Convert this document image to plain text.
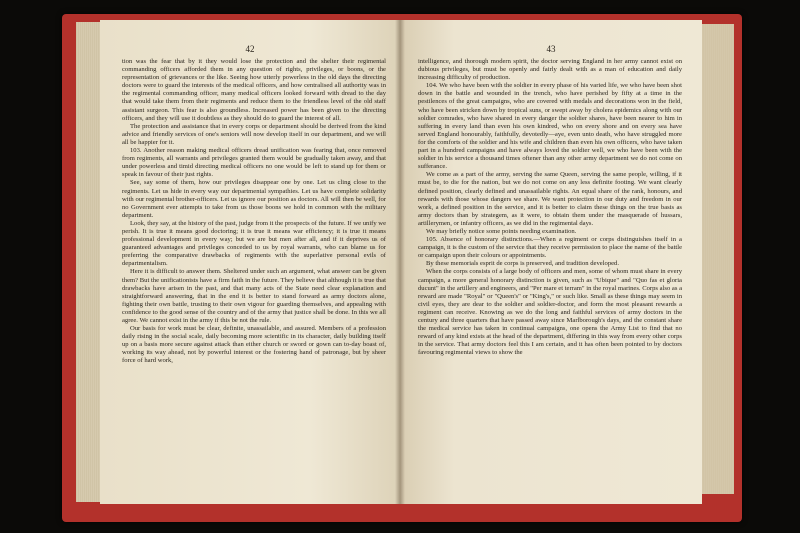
42

tion was the fear that by it they would lose the protection and the shelter their regimental commanding officers afforded them in any question of rights, privileges, or boons, or the representation of grievances or the like. Seeing how utterly powerless in the old days the directing doctors were to guard the interests of the medical officers, and how centralised all authority was in the regimental commanding officer, many medical officers looked forward with dread to the day that would take them from their regiments and reduce them to the friendless level of the old staff assistant surgeon. This fear is also groundless. Increased power has been given to the directing officers, and they will use it doubtless as they should do to guard the interest of all.

The protection and assistance that in every corps or department should be derived from the kind advice and friendly services of one's seniors will now develop itself in our department, and we will all be happier for it.

103. Another reason making medical officers dread unification was fearing that, once removed from regiments, all warrants and privileges granted them would be gradually taken away, and that under powerless and timid directing medical officers no one would be left to stand up for them or speak in favour of their just rights.

See, say some of them, how our privileges disappear one by one. Let us cling close to the regiments. Let us hide in every way our departmental sympathies. Let us have complete solidarity with our regimental brother-officers. Let us ignore our position as doctors. All will then be well, for no Government ever attempts to take from us those boons we hold in common with the military department.

Look, they say, at the history of the past, judge from it the prospects of the future. If we unify we perish. It is true it means good doctoring; it is true it means war efficiency; it is true it means professional development in every way; but we are but men after all, and if it deprives us of guaranteed advantages and privileges conceded to us by royal warrants, who can blame us for preferring the comparative drawbacks of regiments with the superlative personal evils of departmentalism.

Here it is difficult to answer them. Sheltered under such an argument, what answer can be given them? But the unificationists have a firm faith in the future. They believe that although it is true that drawbacks have arisen in the past, and that many acts of the State need clear explanation and straightforward answering, that in the end it is better to stand forward as army doctors alone, fighting their own battle, trusting to their own vigour for guarding themselves, and appealing with confidence to the good sense of the country and of the army that justice shall be done. In this we all agree. We cannot exist in the army if this be not the rule.

Our basis for work must be clear, definite, unassailable, and assured. Members of a profession daily rising in the social scale, daily becoming more scientific in its character, daily building itself up on a basis more secure against attack than either church or sword or gown can to-day boast of, working its way ahead, not by powerful interest or the fostering hand of patronage, but by sheer force of hard work,

43

intelligence, and thorough modern spirit, the doctor serving England in her army cannot exist on dubious privileges, but must be openly and fairly dealt with as a man of education and daily increasing difficulty of production.

104. We who have been with the soldier in every phase of his varied life, we who have been shot down in the battle and wounded in the trench, who have perished by fifty at a time in the pestilences of the great campaigns, who are covered with medals and decorations won in the field, who have been stricken down by tropical suns, or swept away by cholera epidemics along with our soldier comrades, who have shared in every danger the soldier shares, have been nearer to him in suffering in every land than even his own kindred, who on every shore and on every sea have served England honourably, faithfully, devotedly—aye, even unto death, who have struggled more for the comforts of the soldier and his wife and children than even his own officers, who have taken part in a hundred campaigns and have always loved the soldier well, we who have been with the soldier in his service a thousand times oftener than any other army department we do not come on sufferance.

We come as a part of the army, serving the same Queen, serving the same people, willing, if it must be, to die for the nation, but we do not come on any less definite footing. We want clearly defined position, clearly defined and unassailable rights. An equal share of the rank, honours, and rewards with those whose dangers we share. We want protection in our duty and freedom in our work, a defined position in the service, and it is better to claim these things on the true basis as army doctors than by strategem, as it were, to obtain them under the masquerade of hussars, artillerymen, or infantry officers, as we did in the regimental days.

We may briefly notice some points needing examination.

105. Absence of honorary distinctions.—When a regiment or corps distinguishes itself in a campaign, it is the custom of the service that they receive permission to place the name of the battle or campaign upon their colours or appointments.

By these memorials esprit de corps is preserved, and tradition developed.

When the corps consists of a large body of officers and men, some of whom must share in every campaign, a more general honorary distinction is given, such as "Ubique" and "Quo fas et gloria ducunt" in the artillery and engineers, and "Per mare et terram" in the royal marines. Corps also as a reward are made "Royal" or "Queen's" or "King's," or such like. Small as these things may seem in civil eyes, they are dear to the soldier and soldier-doctor, and form the most pleasant rewards a regiment can receive. Knowing as we do the long and faithful services of army doctors in the century and three quarters that have passed away since Marlborough's days, and the constant share the medical service has taken in continual campaigns, one opens the Army List to find that no reward of any kind exists at the head of the department, differing in this way from every other corps in the service. That army doctors feel this I am certain, and it has often been pointed to by doctors favouring regimental views to show the
